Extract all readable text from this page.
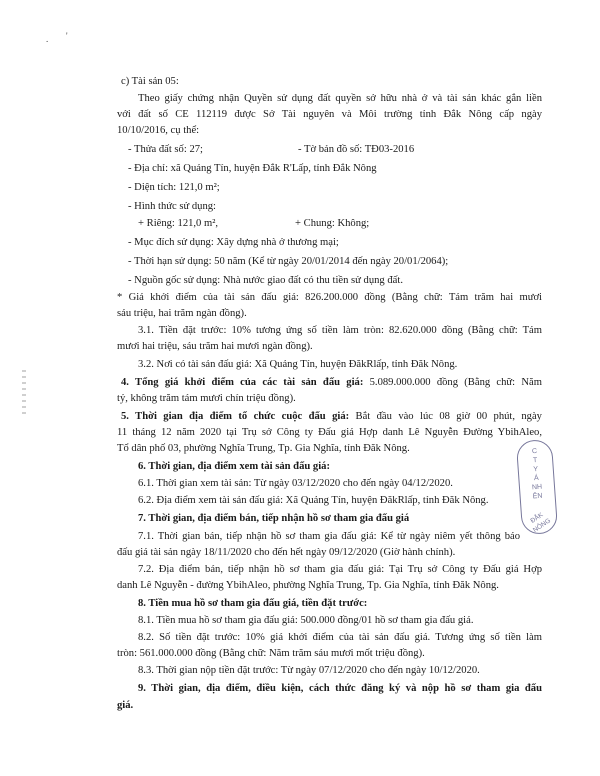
. '
c) Tài sản 05:
Theo giấy chứng nhận Quyền sử dụng đất quyền sở hữu nhà ở và tài sản khác gắn liền
với đất số CE 112119 được Sở Tài nguyên và Môi trường tỉnh Đắk Nông cấp ngày
10/10/2016, cụ thể:
- Thửa đất số: 27;	- Tờ bản đồ số: TĐ03-2016
- Địa chỉ: xã Quảng Tín, huyện Đắk R'Lấp, tỉnh Đắk Nông
- Diện tích: 121,0 m²;
- Hình thức sử dụng:
+ Riêng: 121,0 m²,	+ Chung: Không;
- Mục đích sử dụng: Xây dựng nhà ở thương mại;
- Thời hạn sử dụng: 50 năm (Kể từ ngày 20/01/2014 đến ngày 20/01/2064);
- Nguồn gốc sử dụng: Nhà nước giao đất có thu tiền sử dụng đất.
* Giá khởi điểm của tài sản đấu giá: 826.200.000 đồng (Bằng chữ: Tám trăm hai mươi
sáu triệu, hai trăm ngàn đồng).
3.1. Tiền đặt trước: 10% tương ứng số tiền làm tròn: 82.620.000 đồng (Bằng chữ: Tám
mươi hai triệu, sáu trăm hai mươi ngàn đồng).
3.2. Nơi có tài sản đấu giá: Xã Quảng Tín, huyện ĐăkRlấp, tỉnh Đăk Nông.
4. Tổng giá khởi điểm của các tài sản đấu giá: 5.089.000.000 đồng (Bằng chữ: Năm
tỷ, không trăm tám mươi chín triệu đồng).
5. Thời gian địa điểm tổ chức cuộc đấu giá: Bắt đầu vào lúc 08 giờ 00 phút, ngày
11 tháng 12 năm 2020 tại Trụ sở Công ty Đấu giá Hợp danh Lê Nguyễn Đường YbihAleo,
Tổ dân phố 03, phường Nghĩa Trung, Tp. Gia Nghĩa, tỉnh Đăk Nông.
6. Thời gian, địa điểm xem tài sản đấu giá:
6.1. Thời gian xem tài sản: Từ ngày 03/12/2020 cho đến ngày 04/12/2020.
6.2. Địa điểm xem tài sản đấu giá: Xã Quảng Tín, huyện ĐăkRlấp, tỉnh Đăk Nông.
7. Thời gian, địa điểm bán, tiếp nhận hồ sơ tham gia đấu giá
7.1. Thời gian bán, tiếp nhận hồ sơ tham gia đấu giá: Kể từ ngày niêm yết thông báo
đấu giá tài sản ngày 18/11/2020 cho đến hết ngày 09/12/2020 (Giờ hành chính).
7.2. Địa điểm bán, tiếp nhận hồ sơ tham gia đấu giá: Tại Trụ sở Công ty Đấu giá Hợp
danh Lê Nguyễn - đường YbihAleo, phường Nghĩa Trung, Tp. Gia Nghĩa, tỉnh Đăk Nông.
8. Tiền mua hồ sơ tham gia đấu giá, tiền đặt trước:
8.1. Tiền mua hồ sơ tham gia đấu giá: 500.000 đồng/01 hồ sơ tham gia đấu giá.
8.2. Số tiền đặt trước: 10% giá khởi điểm của tài sản đấu giá. Tương ứng số tiền làm
tròn: 561.000.000 đồng (Bằng chữ: Năm trăm sáu mươi mốt triệu đồng).
8.3. Thời gian nộp tiền đặt trước: Từ ngày 07/12/2020 cho đến ngày 10/12/2020.
9. Thời gian, địa điểm, điều kiện, cách thức đăng ký và nộp hồ sơ tham gia đấu
giá.
C
T
Y
Á
NH
ÊN
ĐẮK NÔNG
